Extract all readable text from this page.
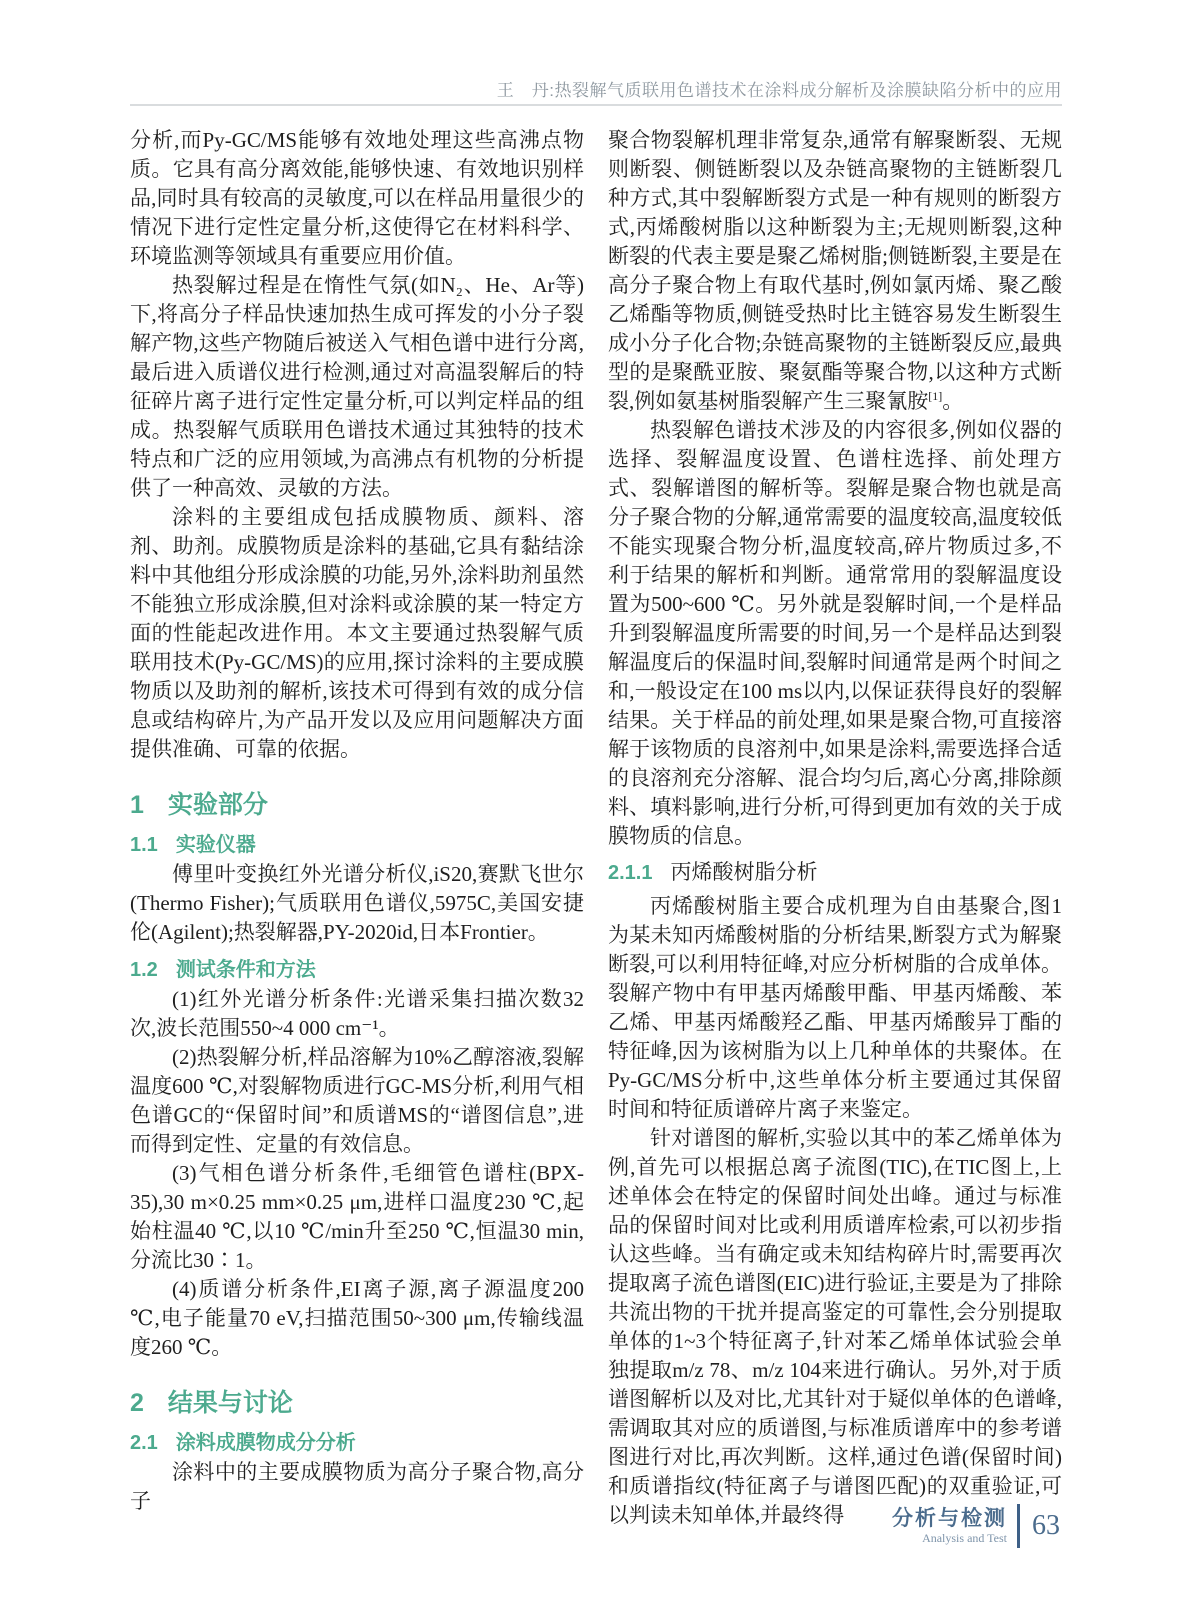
王　丹:热裂解气质联用色谱技术在涂料成分解析及涂膜缺陷分析中的应用

分析,而Py-GC/MS能够有效地处理这些高沸点物质。它具有高分离效能,能够快速、有效地识别样品,同时具有较高的灵敏度,可以在样品用量很少的情况下进行定性定量分析,这使得它在材料科学、环境监测等领域具有重要应用价值。

热裂解过程是在惰性气氛(如N₂、He、Ar等)下,将高分子样品快速加热生成可挥发的小分子裂解产物,这些产物随后被送入气相色谱中进行分离,最后进入质谱仪进行检测,通过对高温裂解后的特征碎片离子进行定性定量分析,可以判定样品的组成。热裂解气质联用色谱技术通过其独特的技术特点和广泛的应用领域,为高沸点有机物的分析提供了一种高效、灵敏的方法。

涂料的主要组成包括成膜物质、颜料、溶剂、助剂。成膜物质是涂料的基础,它具有黏结涂料中其他组分形成涂膜的功能,另外,涂料助剂虽然不能独立形成涂膜,但对涂料或涂膜的某一特定方面的性能起改进作用。本文主要通过热裂解气质联用技术(Py-GC/MS)的应用,探讨涂料的主要成膜物质以及助剂的解析,该技术可得到有效的成分信息或结构碎片,为产品开发以及应用问题解决方面提供准确、可靠的依据。

1 实验部分
1.1 实验仪器

傅里叶变换红外光谱分析仪,iS20,赛默飞世尔(Thermo Fisher);气质联用色谱仪,5975C,美国安捷伦(Agilent);热裂解器,PY-2020id,日本Frontier。

1.2 测试条件和方法

(1)红外光谱分析条件:光谱采集扫描次数32次,波长范围550~4 000 cm⁻¹。

(2)热裂解分析,样品溶解为10%乙醇溶液,裂解温度600 ℃,对裂解物质进行GC-MS分析,利用气相色谱GC的“保留时间”和质谱MS的“谱图信息”,进而得到定性、定量的有效信息。

(3)气相色谱分析条件,毛细管色谱柱(BPX-35),30 m×0.25 mm×0.25 μm,进样口温度230 ℃,起始柱温40 ℃,以10 ℃/min升至250 ℃,恒温30 min,分流比30∶1。

(4)质谱分析条件,EI离子源,离子源温度200 ℃,电子能量70 eV,扫描范围50~300 μm,传输线温度260 ℃。

2 结果与讨论
2.1 涂料成膜物成分分析

涂料中的主要成膜物质为高分子聚合物,高分子

聚合物裂解机理非常复杂,通常有解聚断裂、无规则断裂、侧链断裂以及杂链高聚物的主链断裂几种方式,其中裂解断裂方式是一种有规则的断裂方式,丙烯酸树脂以这种断裂为主;无规则断裂,这种断裂的代表主要是聚乙烯树脂;侧链断裂,主要是在高分子聚合物上有取代基时,例如氯丙烯、聚乙酸乙烯酯等物质,侧链受热时比主链容易发生断裂生成小分子化合物;杂链高聚物的主链断裂反应,最典型的是聚酰亚胺、聚氨酯等聚合物,以这种方式断裂,例如氨基树脂裂解产生三聚氰胺[1]。

热裂解色谱技术涉及的内容很多,例如仪器的选择、裂解温度设置、色谱柱选择、前处理方式、裂解谱图的解析等。裂解是聚合物也就是高分子聚合物的分解,通常需要的温度较高,温度较低不能实现聚合物分析,温度较高,碎片物质过多,不利于结果的解析和判断。通常常用的裂解温度设置为500~600 ℃。另外就是裂解时间,一个是样品升到裂解温度所需要的时间,另一个是样品达到裂解温度后的保温时间,裂解时间通常是两个时间之和,一般设定在100 ms以内,以保证获得良好的裂解结果。关于样品的前处理,如果是聚合物,可直接溶解于该物质的良溶剂中,如果是涂料,需要选择合适的良溶剂充分溶解、混合均匀后,离心分离,排除颜料、填料影响,进行分析,可得到更加有效的关于成膜物质的信息。

2.1.1 丙烯酸树脂分析

丙烯酸树脂主要合成机理为自由基聚合,图1为某未知丙烯酸树脂的分析结果,断裂方式为解聚断裂,可以利用特征峰,对应分析树脂的合成单体。裂解产物中有甲基丙烯酸甲酯、甲基丙烯酸、苯乙烯、甲基丙烯酸羟乙酯、甲基丙烯酸异丁酯的特征峰,因为该树脂为以上几种单体的共聚体。在Py-GC/MS分析中,这些单体分析主要通过其保留时间和特征质谱碎片离子来鉴定。

针对谱图的解析,实验以其中的苯乙烯单体为例,首先可以根据总离子流图(TIC),在TIC图上,上述单体会在特定的保留时间处出峰。通过与标准品的保留时间对比或利用质谱库检索,可以初步指认这些峰。当有确定或未知结构碎片时,需要再次提取离子流色谱图(EIC)进行验证,主要是为了排除共流出物的干扰并提高鉴定的可靠性,会分别提取单体的1~3个特征离子,针对苯乙烯单体试验会单独提取m/z 78、m/z 104来进行确认。另外,对于质谱图解析以及对比,尤其针对于疑似单体的色谱峰,需调取其对应的质谱图,与标准质谱库中的参考谱图进行对比,再次判断。这样,通过色谱(保留时间)和质谱指纹(特征离子与谱图匹配)的双重验证,可以判读未知单体,并最终得	分析与检测
Analysis and Test 63
